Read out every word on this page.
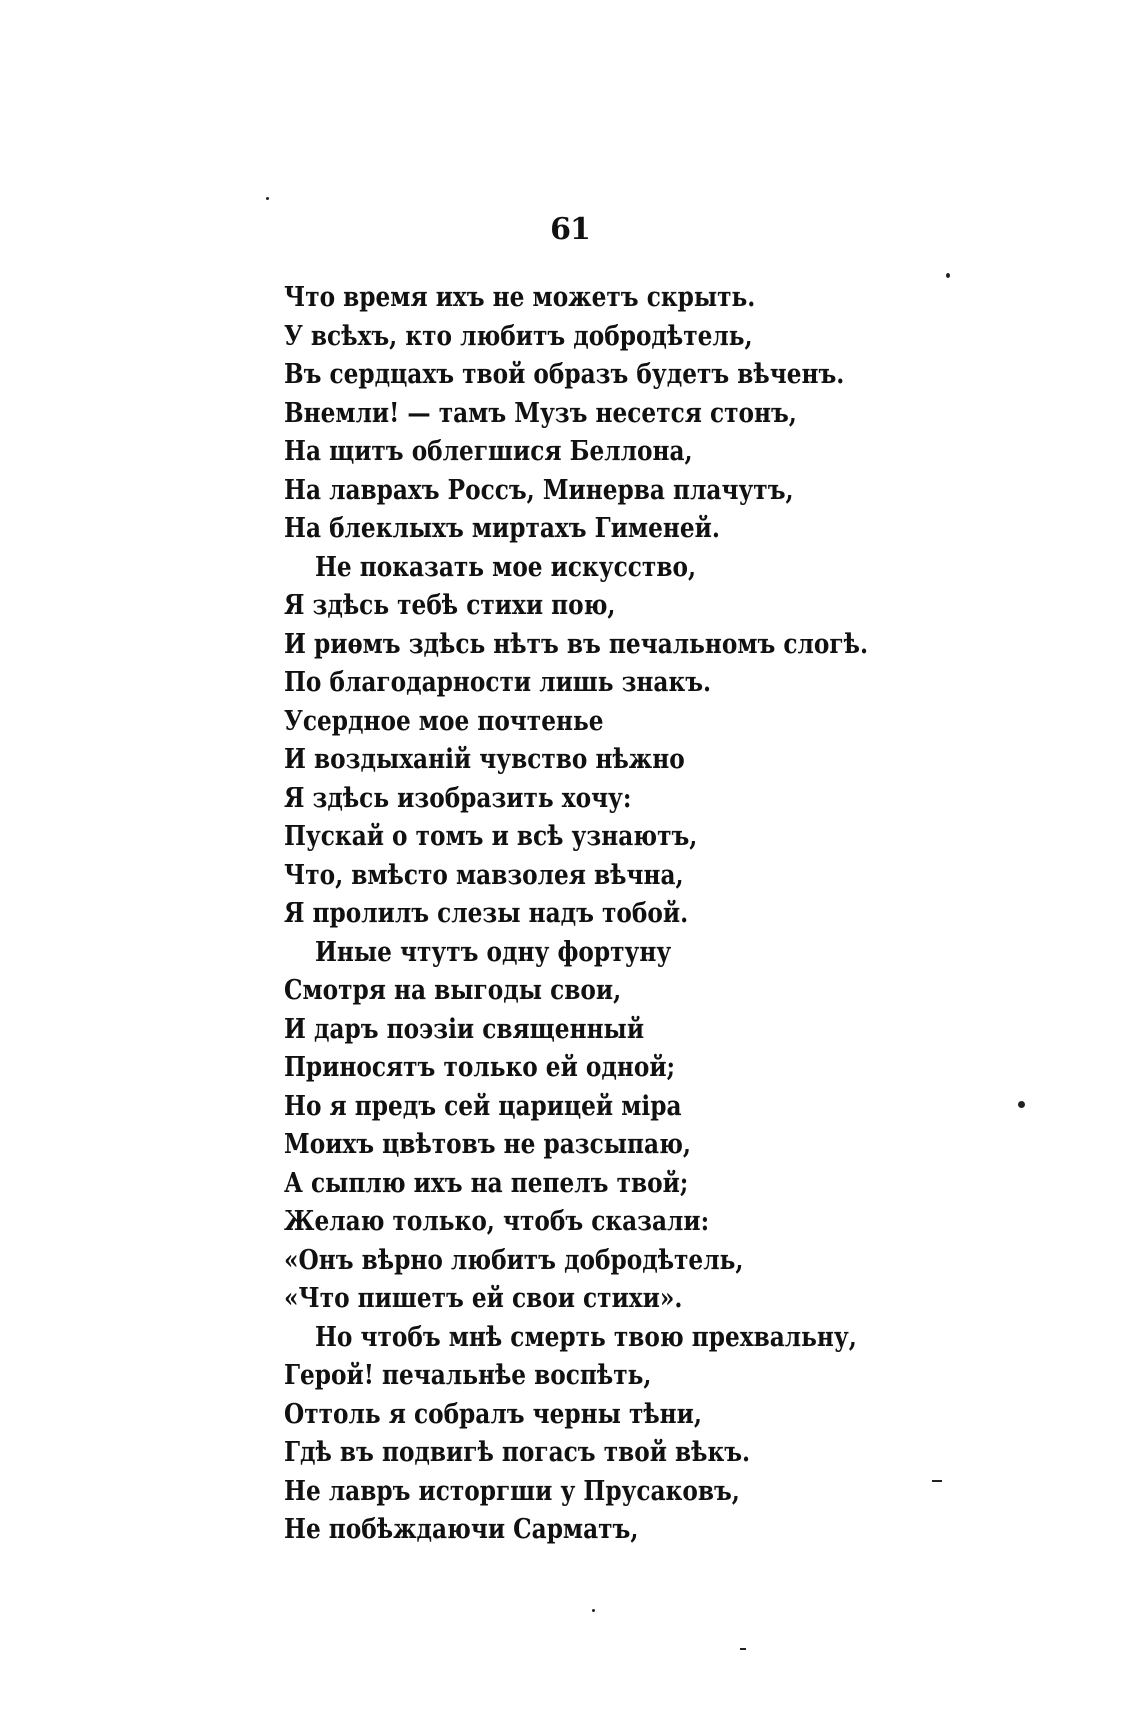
61
Что время ихъ не можетъ скрыть.
У всѣхъ, кто любитъ добродѣтель,
Въ сердцахъ твой образъ будетъ вѣченъ.
Внемли! — тамъ Музъ несется стонъ,
На щитъ облегшися Беллона,
На лаврахъ Россъ, Минерва плачутъ,
На блеклыхъ миртахъ Гименей.
Не показать мое искусство,
Я здѣсь тебѣ стихи пою,
И риѳмъ здѣсь нѣтъ въ печальномъ слогѣ.
По благодарности лишь знакъ.
Усердное мое почтенье
И воздыханій чувство нѣжно
Я здѣсь изобразить хочу:
Пускай о томъ и всѣ узнаютъ,
Что, вмѣсто мавзолея вѣчна,
Я пролилъ слезы надъ тобой.
Иные чтутъ одну фортуну
Смотря на выгоды свои,
И даръ поэзіи священный
Приносятъ только ей одной;
Но я предъ сей царицей міра
Моихъ цвѣтовъ не разсыпаю,
А сыплю ихъ на пепелъ твой;
Желаю только, чтобъ сказали:
«Онъ вѣрно любитъ добродѣтель,
«Что пишетъ ей свои стихи».
Но чтобъ мнѣ смерть твою прехвальну,
Герой! печальнѣе воспѣть,
Оттоль я собралъ черны тѣни,
Гдѣ въ подвигѣ погасъ твой вѣкъ.
Не лавръ исторгши у Прусаковъ,
Не побѣждаючи Сарматъ,
